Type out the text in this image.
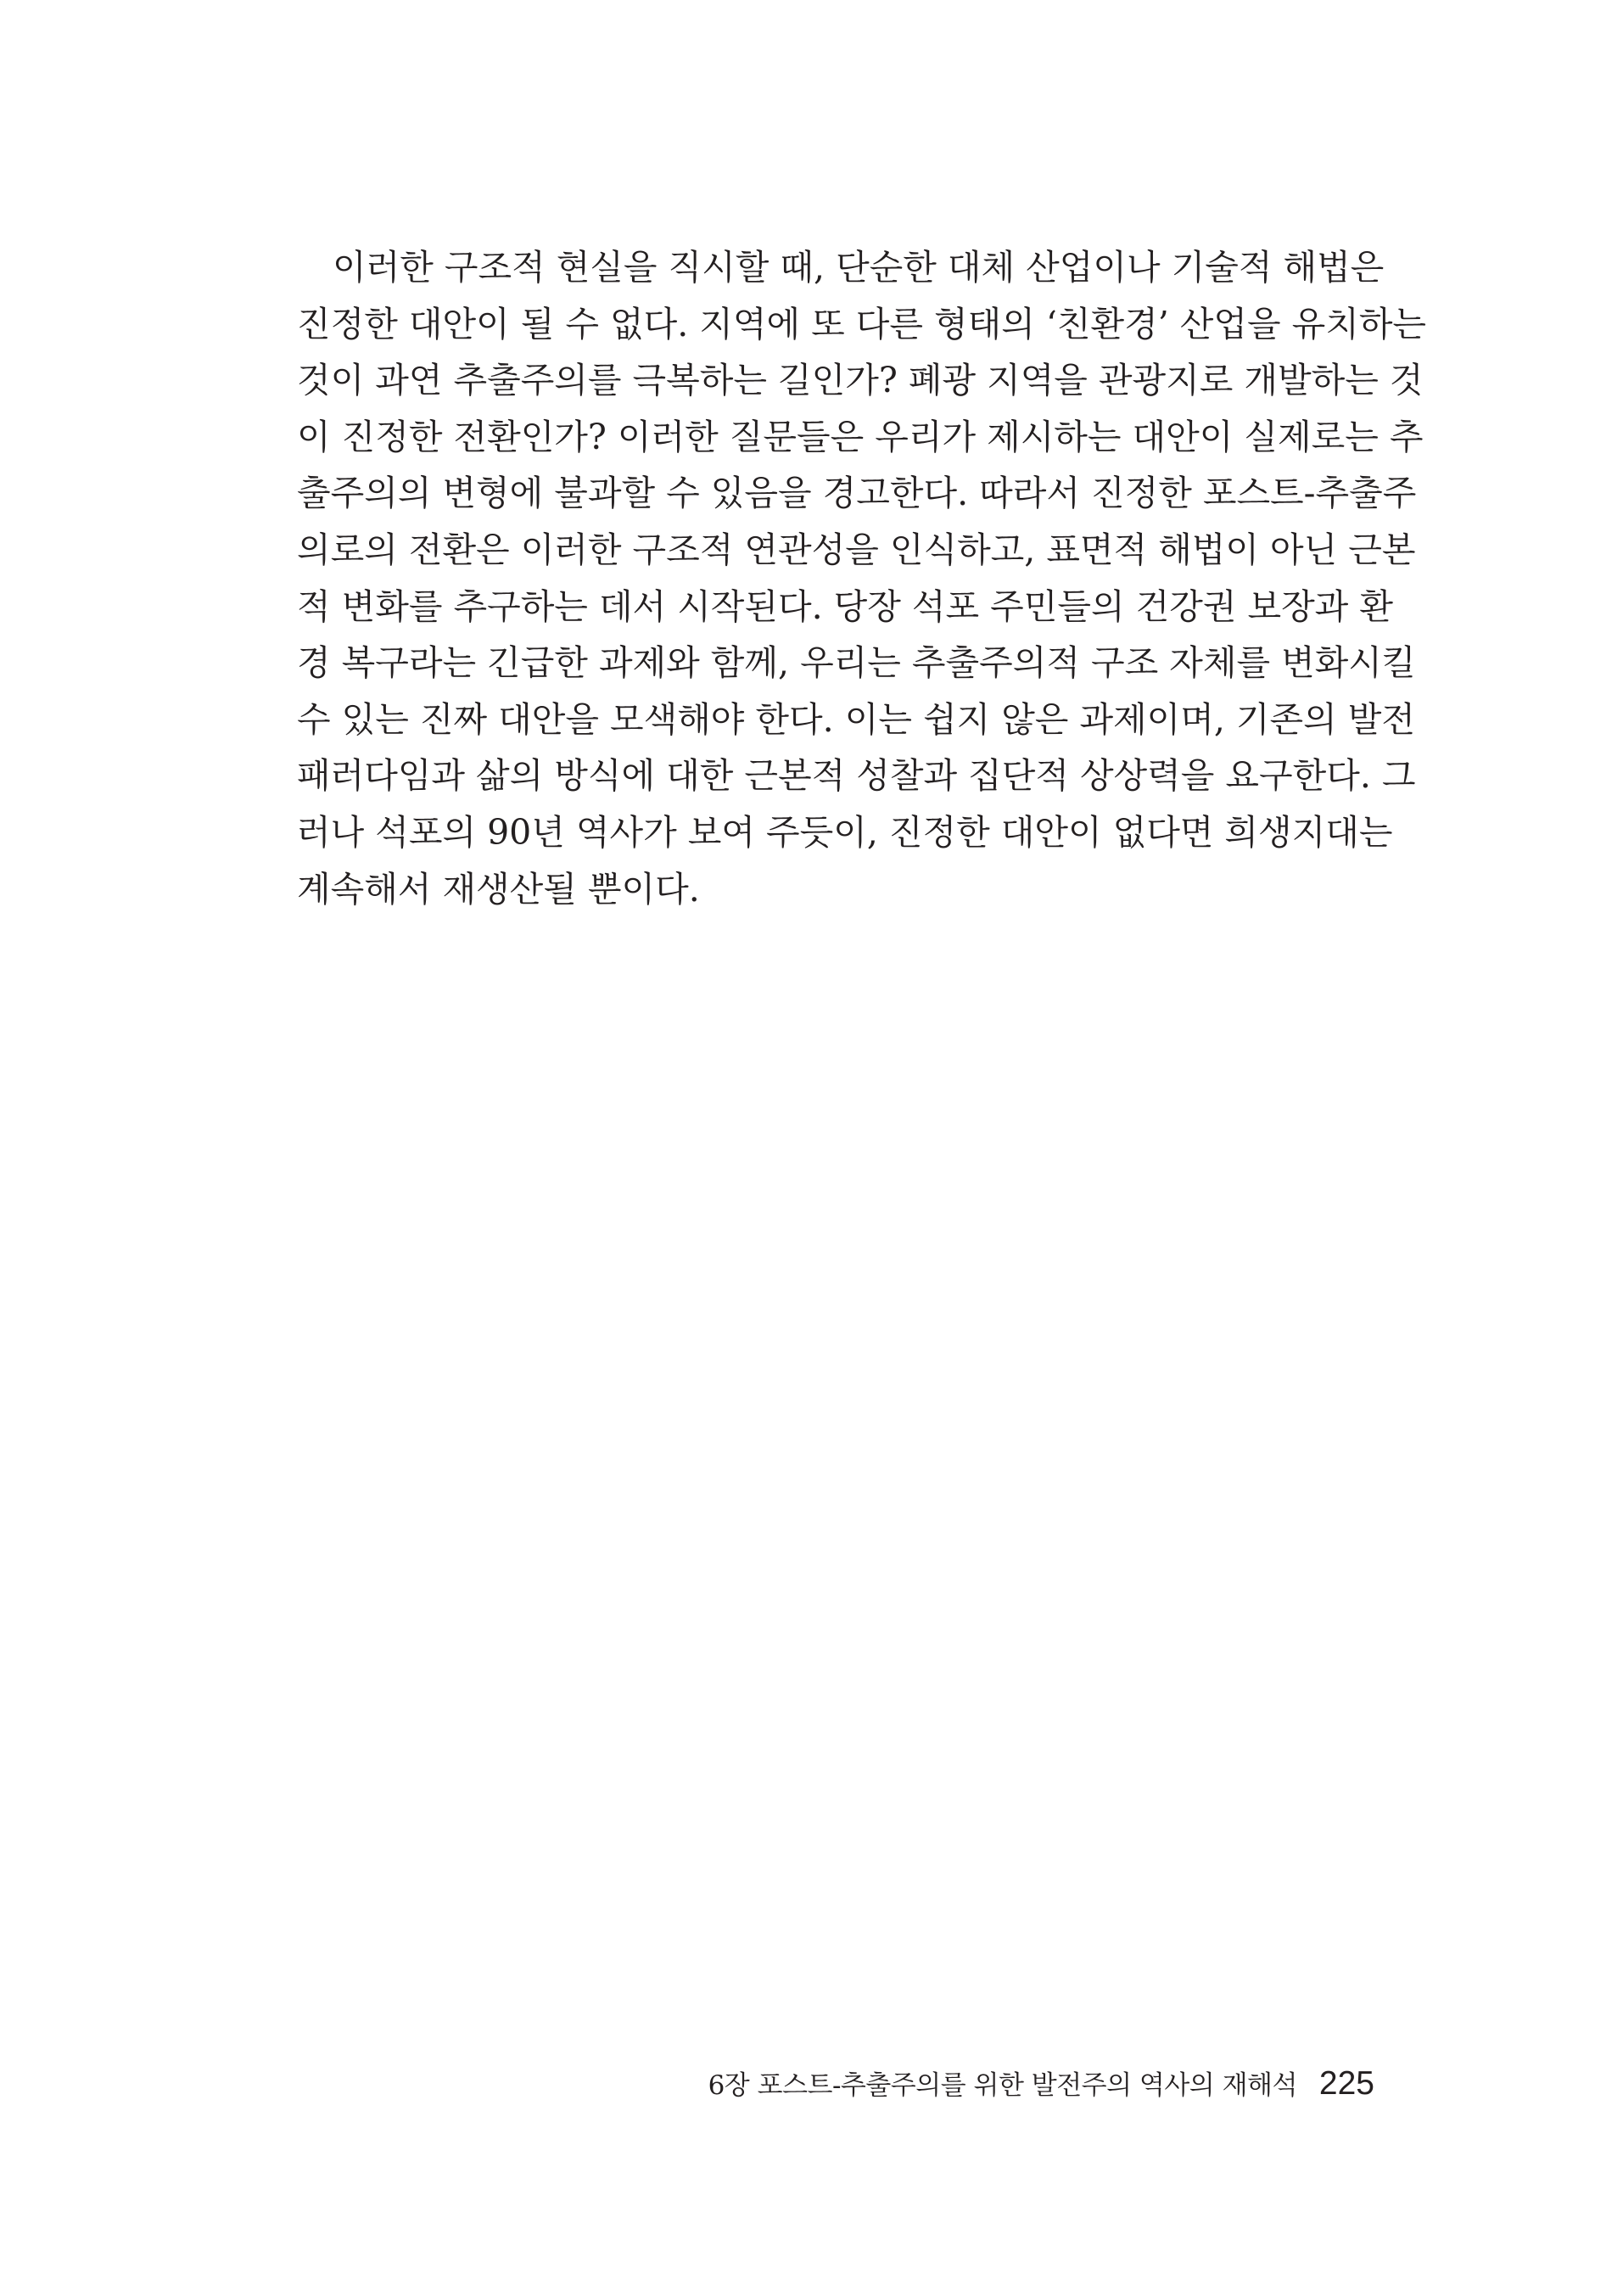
이러한 구조적 현실을 직시할 때, 단순한 대체 산업이나 기술적 해법은
진정한 대안이 될 수 없다. 지역에 또 다른 형태의 ‘친환경’ 산업을 유치하는
것이 과연 추출주의를 극복하는 길인가? 폐광 지역을 관광지로 개발하는 것
이 진정한 전환인가? 이러한 질문들은 우리가 제시하는 대안이 실제로는 추
출주의의 변형에 불과할 수 있음을 경고한다. 따라서 진정한 포스트-추출주
의로의 전환은 이러한 구조적 연관성을 인식하고, 표면적 해법이 아닌 근본
적 변화를 추구하는 데서 시작된다. 당장 석포 주민들의 건강권 보장과 환
경 복구라는 긴급한 과제와 함께, 우리는 추출주의적 구조 자체를 변화시킬
수 있는 진짜 대안을 모색해야 한다. 이는 쉽지 않은 과제이며, 기존의 발전
패러다임과 삶의 방식에 대한 근본적 성찰과 집단적 상상력을 요구한다. 그
러나 석포의 90년 역사가 보여 주듯이, 진정한 대안이 없다면 희생지대는
계속해서 재생산될 뿐이다.

6장 포스트-추출주의를 위한 발전주의 역사의 재해석 225
